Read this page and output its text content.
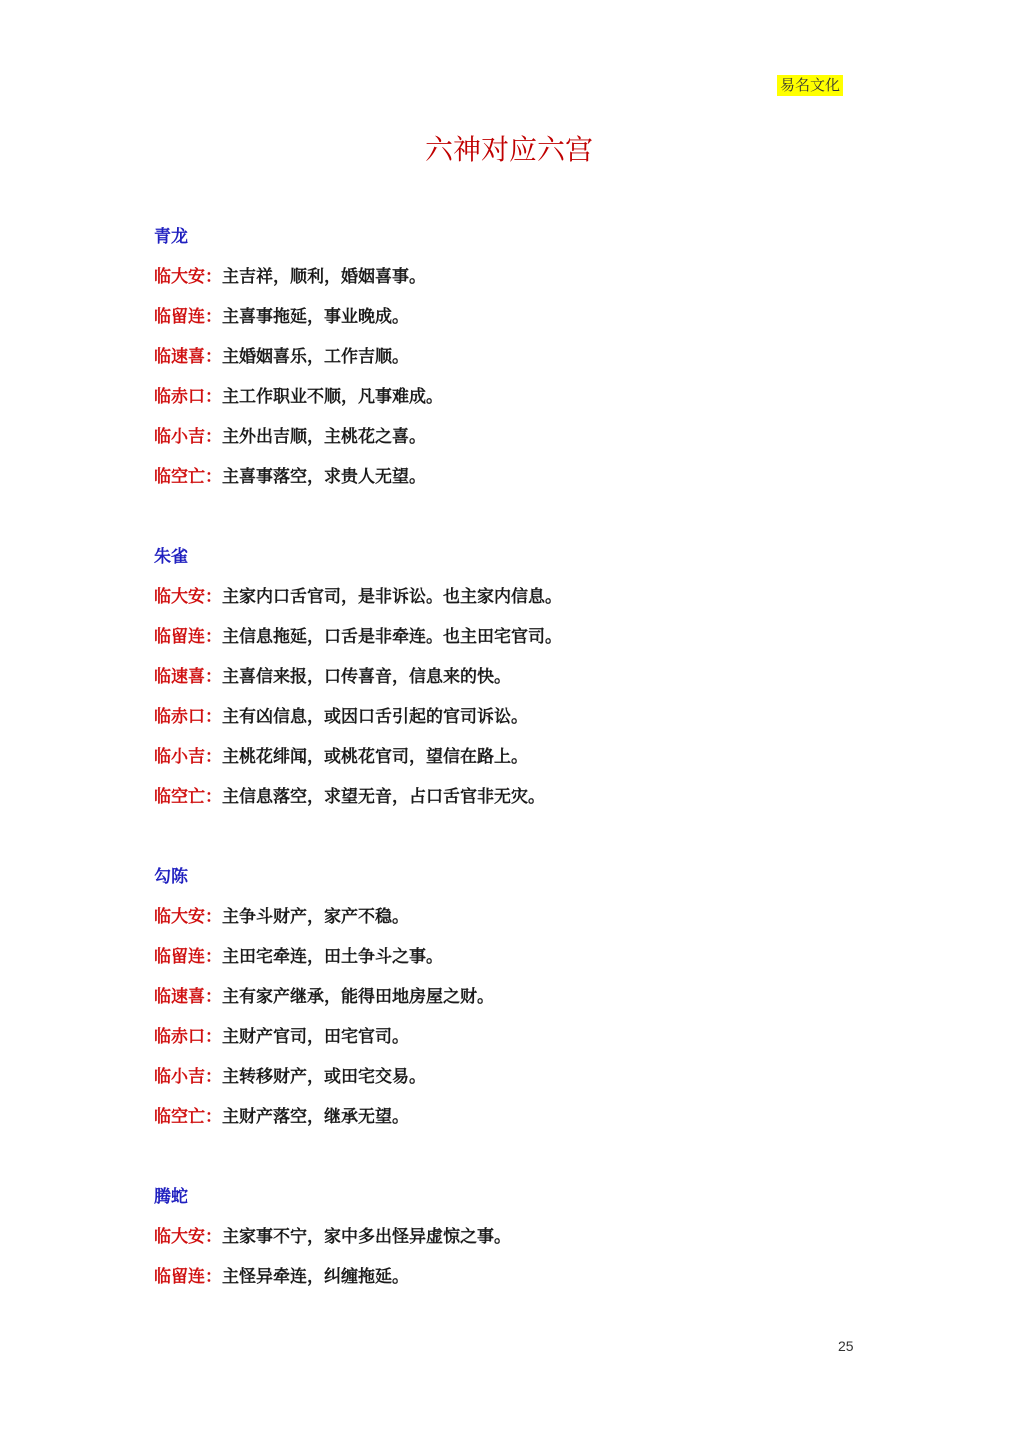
易名文化
六神对应六宫
青龙
临大安：主吉祥，顺利，婚姻喜事。
临留连：主喜事拖延，事业晚成。
临速喜：主婚姻喜乐，工作吉顺。
临赤口：主工作职业不顺，凡事难成。
临小吉：主外出吉顺，主桃花之喜。
临空亡：主喜事落空，求贵人无望。
朱雀
临大安：主家内口舌官司，是非诉讼。也主家内信息。
临留连：主信息拖延，口舌是非牵连。也主田宅官司。
临速喜：主喜信来报，口传喜音，信息来的快。
临赤口：主有凶信息，或因口舌引起的官司诉讼。
临小吉：主桃花绯闻，或桃花官司，望信在路上。
临空亡：主信息落空，求望无音，占口舌官非无灾。
勾陈
临大安：主争斗财产，家产不稳。
临留连：主田宅牵连，田土争斗之事。
临速喜：主有家产继承，能得田地房屋之财。
临赤口：主财产官司，田宅官司。
临小吉：主转移财产，或田宅交易。
临空亡：主财产落空，继承无望。
腾蛇
临大安：主家事不宁，家中多出怪异虚惊之事。
临留连：主怪异牵连，纠缠拖延。
25
